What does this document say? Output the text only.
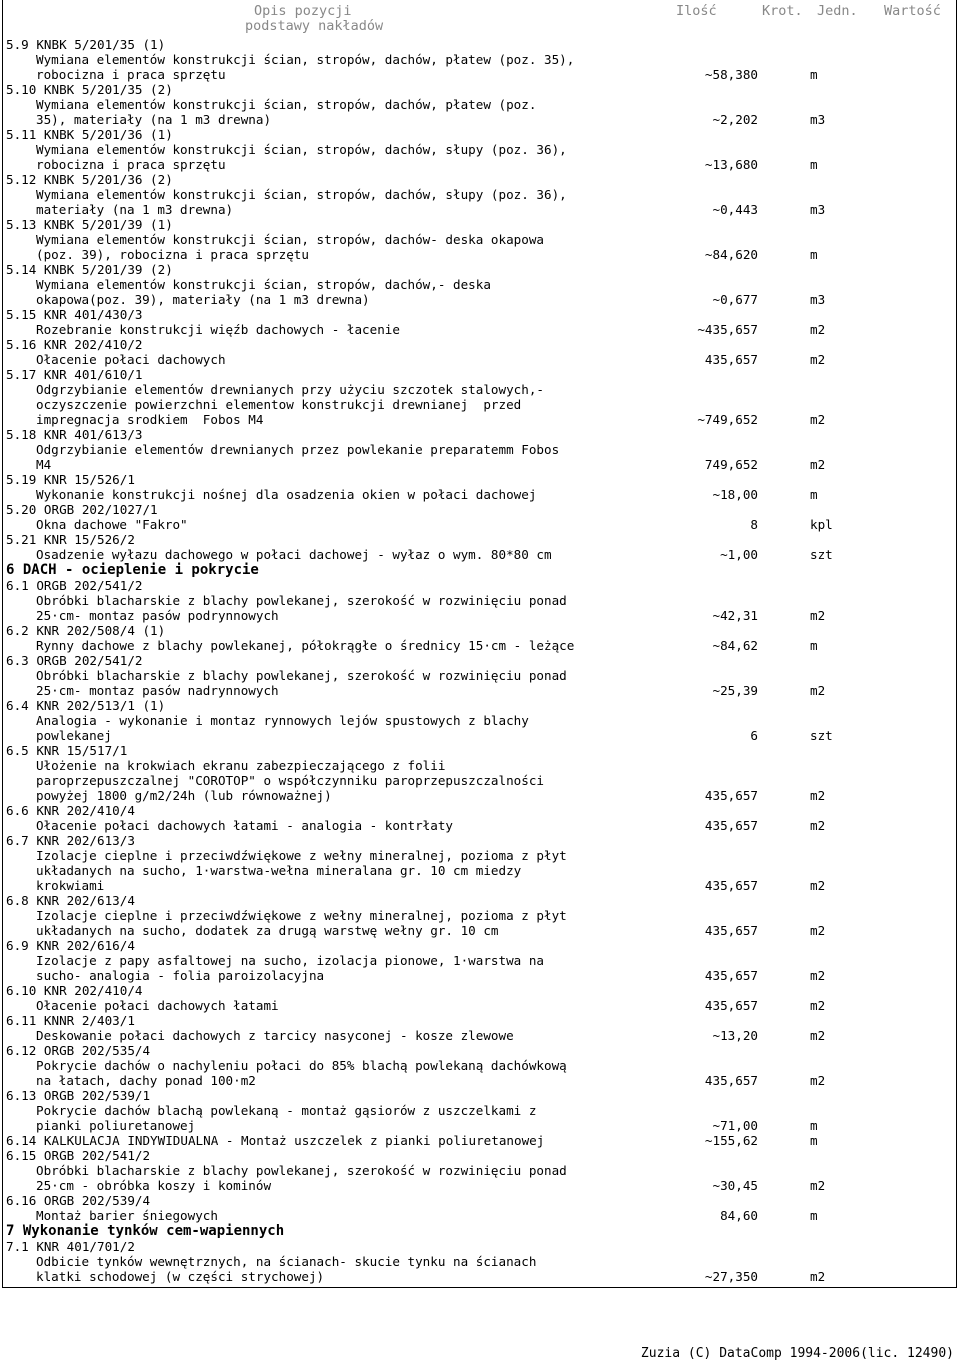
Opis pozycji
podstawy nakładów
Ilość	Krot. Jedn. Wartość
5.9 KNBK 5/201/35 (1)
Wymiana elementów konstrukcji ścian, stropów, dachów, płatew (poz. 35),
robocizna i praca sprzętu	~58,380	m
5.10 KNBK 5/201/35 (2)
Wymiana elementów konstrukcji ścian, stropów, dachów, płatew (poz.
35), materiały (na 1 m3 drewna)	~2,202	m3
5.11 KNBK 5/201/36 (1)
Wymiana elementów konstrukcji ścian, stropów, dachów, słupy (poz. 36),
robocizna i praca sprzętu	~13,680	m
5.12 KNBK 5/201/36 (2)
Wymiana elementów konstrukcji ścian, stropów, dachów, słupy (poz. 36),
materiały (na 1 m3 drewna)	~0,443	m3
5.13 KNBK 5/201/39 (1)
Wymiana elementów konstrukcji ścian, stropów, dachów- deska okapowa
(poz. 39), robocizna i praca sprzętu	~84,620	m
5.14 KNBK 5/201/39 (2)
Wymiana elementów konstrukcji ścian, stropów, dachów,- deska
okapowa(poz. 39), materiały (na 1 m3 drewna)	~0,677	m3
5.15 KNR 401/430/3
Rozebranie konstrukcji więźb dachowych - łacenie	~435,657	m2
5.16 KNR 202/410/2
Ołacenie połaci dachowych	435,657	m2
5.17 KNR 401/610/1
Odgrzybianie elementów drewnianych przy użyciu szczotek stalowych,-
oczyszczenie powierzchni elementow konstrukcji drewnianej  przed
impregnacja srodkiem  Fobos M4	~749,652	m2
5.18 KNR 401/613/3
Odgrzybianie elementów drewnianych przez powlekanie preparatemm Fobos
M4	749,652	m2
5.19 KNR 15/526/1
Wykonanie konstrukcji nośnej dla osadzenia okien w połaci dachowej	~18,00	m
5.20 ORGB 202/1027/1
Okna dachowe "Fakro"	8	kpl
5.21 KNR 15/526/2
Osadzenie wyłazu dachowego w połaci dachowej - wyłaz o wym. 80*80 cm	~1,00	szt
6 DACH - ocieplenie i pokrycie
6.1 ORGB 202/541/2
Obróbki blacharskie z blachy powlekanej, szerokość w rozwinięciu ponad
25·cm- montaz pasów podrynnowych	~42,31	m2
6.2 KNR 202/508/4 (1)
Rynny dachowe z blachy powlekanej, półokrągłe o średnicy 15·cm - leżące	~84,62	m
6.3 ORGB 202/541/2
Obróbki blacharskie z blachy powlekanej, szerokość w rozwinięciu ponad
25·cm- montaz pasów nadrynnowych	~25,39	m2
6.4 KNR 202/513/1 (1)
Analogia - wykonanie i montaz rynnowych lejów spustowych z blachy
powlekanej	6	szt
6.5 KNR 15/517/1
Ułożenie na krokwiach ekranu zabezpieczającego z folii
paroprzepuszczalnej "COROTOP" o współczynniku paroprzepuszczalności
powyżej 1800 g/m2/24h (lub równoważnej)	435,657	m2
6.6 KNR 202/410/4
Ołacenie połaci dachowych łatami - analogia - kontrłaty	435,657	m2
6.7 KNR 202/613/3
Izolacje cieplne i przeciwdźwiękowe z wełny mineralnej, pozioma z płyt
układanych na sucho, 1·warstwa-wełna mineralana gr. 10 cm miedzy
krokwiami	435,657	m2
6.8 KNR 202/613/4
Izolacje cieplne i przeciwdźwiękowe z wełny mineralnej, pozioma z płyt
układanych na sucho, dodatek za drugą warstwę wełny gr. 10 cm	435,657	m2
6.9 KNR 202/616/4
Izolacje z papy asfaltowej na sucho, izolacja pionowe, 1·warstwa na
sucho- analogia - folia paroizolacyjna	435,657	m2
6.10 KNR 202/410/4
Ołacenie połaci dachowych łatami	435,657	m2
6.11 KNNR 2/403/1
Deskowanie połaci dachowych z tarcicy nasyconej - kosze zlewowe	~13,20	m2
6.12 ORGB 202/535/4
Pokrycie dachów o nachyleniu połaci do 85% blachą powlekaną dachówkową
na łatach, dachy ponad 100·m2	435,657	m2
6.13 ORGB 202/539/1
Pokrycie dachów blachą powlekaną - montaż gąsiorów z uszczelkami z
pianki poliuretanowej	~71,00	m
6.14 KALKULACJA INDYWIDUALNA - Montaż uszczelek z pianki poliuretanowej	~155,62	m
6.15 ORGB 202/541/2
Obróbki blacharskie z blachy powlekanej, szerokość w rozwinięciu ponad
25·cm - obróbka koszy i kominów	~30,45	m2
6.16 ORGB 202/539/4
Montaż barier śniegowych	84,60	m
7 Wykonanie tynków cem-wapiennych
7.1 KNR 401/701/2
Odbicie tynków wewnętrznych, na ścianach- skucie tynku na ścianach
klatki schodowej (w części strychowej)	~27,350	m2
Zuzia (C) DataComp 1994-2006(lic. 12490)
